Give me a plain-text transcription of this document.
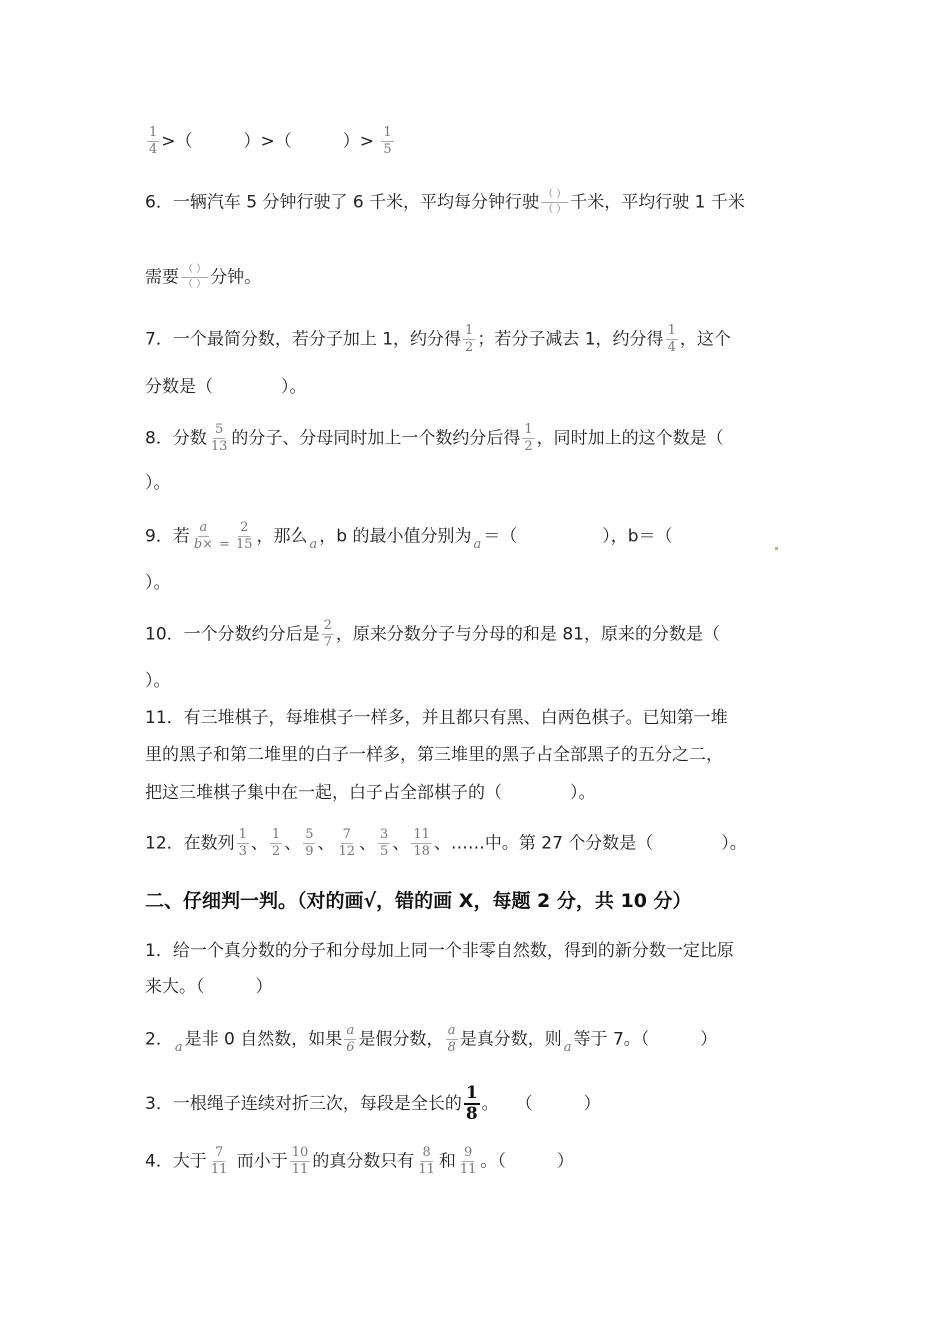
$\frac{1}{4}$ >（　　　）>（　　　）> $\frac{1}{5}$
6．一辆汽车 5 分钟行驶了 6 千米，平均每分钟行驶 $\frac{( )}{( )}$ 千米，平均行驶 1 千米
需要 $\frac{( )}{( )}$ 分钟。
7．一个最简分数，若分子加上 1，约分得 $\frac{1}{2}$ ；若分子减去 1，约分得 $\frac{1}{4}$ ，这个
分数是（　　　　）。
8．分数 $\frac{5}{13}$ 的分子、分母同时加上一个数约分后得 $\frac{1}{2}$ ，同时加上的这个数是（
）。
9．若 $\frac{a}{b\times} _= \frac{2}{15}$ ，那么 $_a$ ，b 的最小值分别为 $_a$ ＝（　　　　　），b＝（
）。
10．一个分数约分后是 $\frac{2}{7}$ ，原来分数分子与分母的和是 81，原来的分数是（
）。
11．有三堆棋子，每堆棋子一样多，并且都只有黑、白两色棋子。已知第一堆
里的黑子和第二堆里的白子一样多，第三堆里的黑子占全部黑子的五分之二，
把这三堆棋子集中在一起，白子占全部棋子的（　　　　）。
12．在数列 $\frac{1}{3}$ 、 $\frac{1}{2}$ 、 $\frac{5}{9}$ 、 $\frac{7}{12}$ 、 $\frac{3}{5}$ 、 $\frac{11}{18}$ 、……中。第 27 个分数是（　　　　）。
二、仔细判一判。（对的画√，错的画 X，每题 2 分，共 10 分）
1．给一个真分数的分子和分母加上同一个非零自然数，得到的新分数一定比原
来大。（　　　）
2． $_a$ 是非 0 自然数，如果 $\frac{a}{6}$ 是假分数， $\frac{a}{8}$ 是真分数，则 $_a$ 等于 7。（　　　）
3．一根绳子连续对折三次，每段是全长的 $\frac{1}{8}$ 。　　（　　　）
4．大于 $\frac{7}{11}$ 而小于 $\frac{10}{11}$ 的真分数只有 $\frac{8}{11}$ 和 $\frac{9}{11}$ 。（　　　）
